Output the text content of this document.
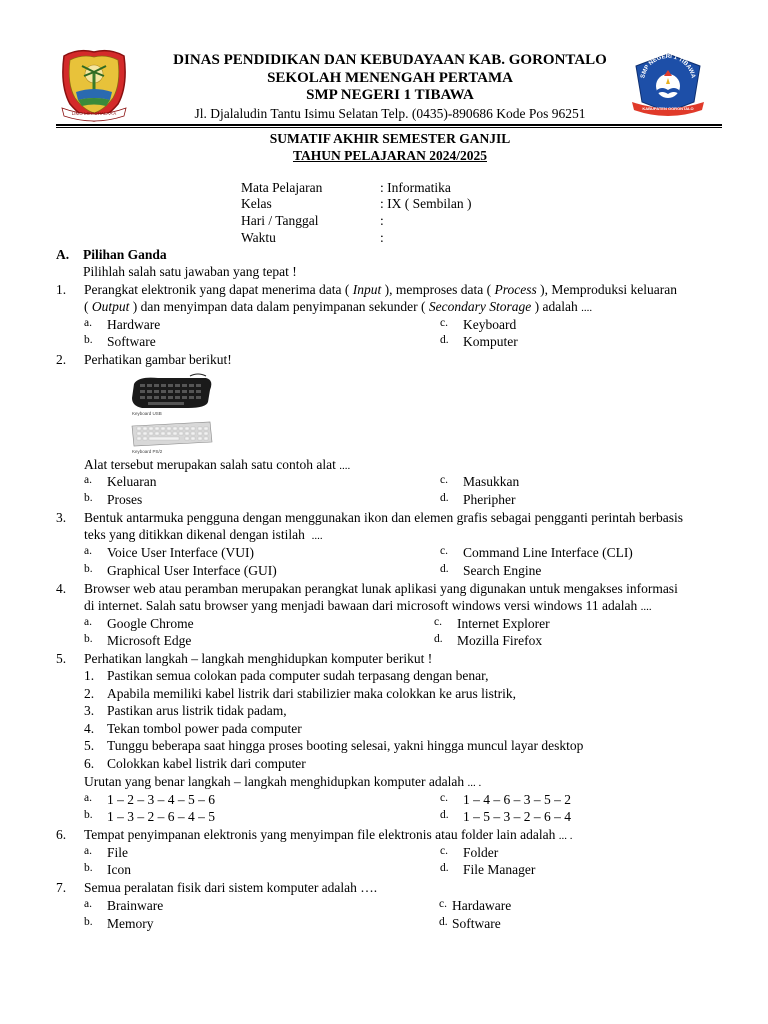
LIMO LO POHALAA'A
SMP NEGERI 1 TIBAWA
KABUPATEN GORONTALO
DINAS PENDIDIKAN DAN KEBUDAYAAN KAB. GORONTALO
SEKOLAH MENENGAH PERTAMA
SMP NEGERI 1 TIBAWA
Jl. Djalaludin Tantu Isimu Selatan Telp. (0435)-890686 Kode Pos 96251
SUMATIF AKHIR SEMESTER GANJIL
TAHUN PELAJARAN 2024/2025
Mata Pelajaran	: Informatika
Kelas	: IX ( Sembilan )
Hari / Tanggal	:
Waktu	:
A. Pilihan Ganda
Pilihlah salah satu jawaban yang tepat !
1. Perangkat elektronik yang dapat menerima data ( Input ), memproses data ( Process ), Memproduksi keluaran
( Output ) dan menyimpan data dalam penyimpanan sekunder ( Secondary Storage ) adalah ....
a. Hardware	c. Keyboard
b. Software	d. Komputer
2. Perhatikan gambar berikut!
Keyboard USB
Keyboard PS/2
Alat tersebut merupakan salah satu contoh alat ....
a. Keluaran	c. Masukkan
b. Proses	d. Pheripher
3. Bentuk antarmuka pengguna dengan menggunakan ikon dan elemen grafis sebagai pengganti perintah berbasis
teks yang ditikkan dikenal dengan istilah  ....
a. Voice User Interface (VUI)	c. Command Line Interface (CLI)
b. Graphical User Interface (GUI)	d. Search Engine
4. Browser web atau peramban merupakan perangkat lunak aplikasi yang digunakan untuk mengakses informasi
di internet. Salah satu browser yang menjadi bawaan dari microsoft windows versi windows 11 adalah ....
a. Google Chrome	c. Internet Explorer
b. Microsoft Edge	d. Mozilla Firefox
5. Perhatikan langkah – langkah menghidupkan komputer berikut !
1. Pastikan semua colokan pada computer sudah terpasang dengan benar,
2. Apabila memiliki kabel listrik dari stabilizier maka colokkan ke arus listrik,
3. Pastikan arus listrik tidak padam,
4. Tekan tombol power pada computer
5. Tunggu beberapa saat hingga proses booting selesai, yakni hingga muncul layar desktop
6. Colokkan kabel listrik dari computer
Urutan yang benar langkah – langkah menghidupkan komputer adalah ... .
a. 1 – 2 – 3 – 4 – 5 – 6	c. 1 – 4 – 6 – 3 – 5 – 2
b. 1 – 3 – 2 – 6 – 4 – 5	d. 1 – 5 – 3 – 2 – 6 – 4
6. Tempat penyimpanan elektronis yang menyimpan file elektronis atau folder lain adalah ... .
a. File	c. Folder
b. Icon	d. File Manager
7. Semua peralatan fisik dari sistem komputer adalah ….
a. Brainware	c. Hardaware
b. Memory	d. Software
